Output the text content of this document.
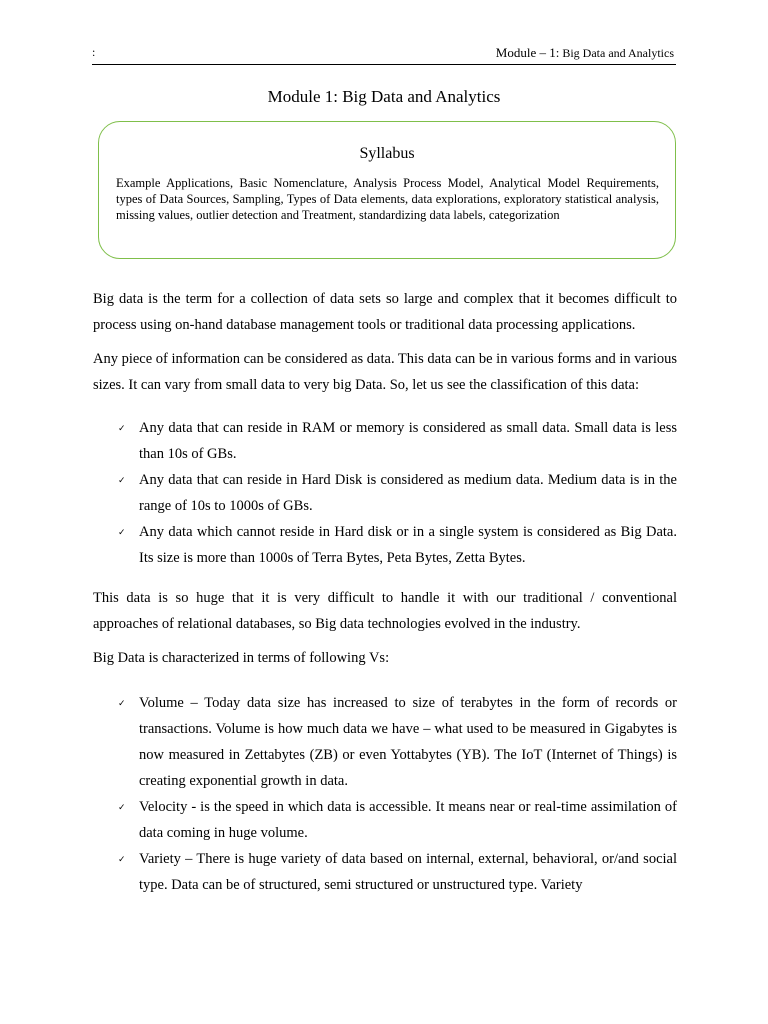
:	Module – 1: Big Data and Analytics
Module 1: Big Data and Analytics
Syllabus
Example Applications, Basic Nomenclature, Analysis Process Model, Analytical Model Requirements, types of Data Sources, Sampling, Types of Data elements, data explorations, exploratory statistical analysis, missing values, outlier detection and Treatment, standardizing data labels, categorization

Big data is the term for a collection of data sets so large and complex that it becomes difficult to process using on-hand database management tools or traditional data processing applications.

Any piece of information can be considered as data. This data can be in various forms and in various sizes. It can vary from small data to very big Data. So, let us see the classification of this data:

✓ Any data that can reside in RAM or memory is considered as small data. Small data is less than 10s of GBs.
✓ Any data that can reside in Hard Disk is considered as medium data. Medium data is in the range of 10s to 1000s of GBs.
✓ Any data which cannot reside in Hard disk or in a single system is considered as Big Data. Its size is more than 1000s of Terra Bytes, Peta Bytes, Zetta Bytes.

This data is so huge that it is very difficult to handle it with our traditional / conventional approaches of relational databases, so Big data technologies evolved in the industry.

Big Data is characterized in terms of following Vs:

✓ Volume – Today data size has increased to size of terabytes in the form of records or transactions. Volume is how much data we have – what used to be measured in Gigabytes is now measured in Zettabytes (ZB) or even Yottabytes (YB). The IoT (Internet of Things) is creating exponential growth in data.
✓ Velocity - is the speed in which data is accessible. It means near or real-time assimilation of data coming in huge volume.
✓ Variety – There is huge variety of data based on internal, external, behavioral, or/and social type. Data can be of structured, semi structured or unstructured type. Variety
